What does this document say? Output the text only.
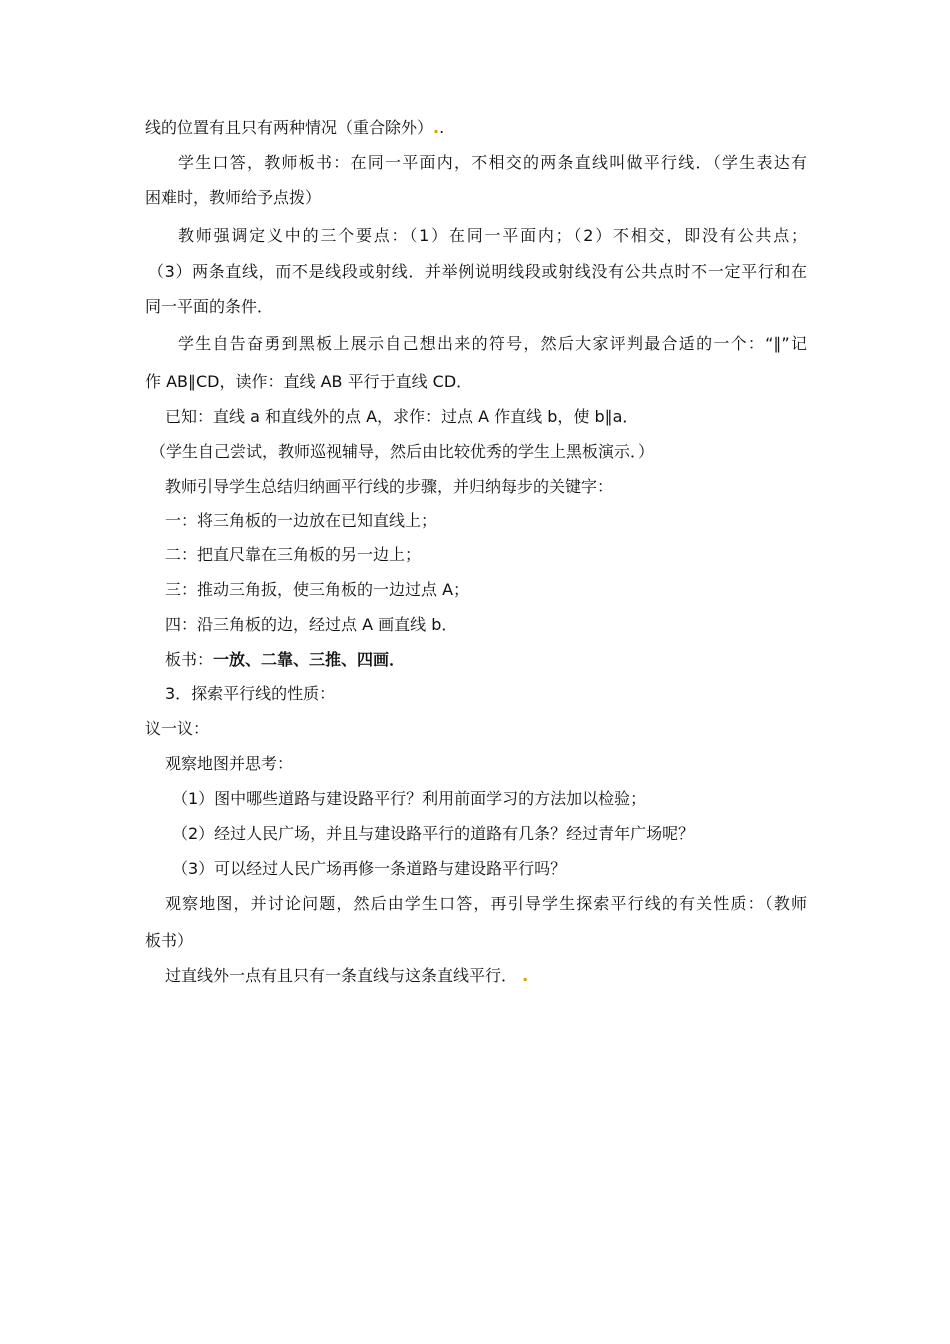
线的位置有且只有两种情况（重合除外）..
学生口答，教师板书：在同一平面内，不相交的两条直线叫做平行线．（学生表达有
困难时，教师给予点拨）
教师强调定义中的三个要点：（1）在同一平面内；（2）不相交，即没有公共点；
（3）两条直线，而不是线段或射线．并举例说明线段或射线没有公共点时不一定平行和在
同一平面的条件．
学生自告奋勇到黑板上展示自己想出来的符号，然后大家评判最合适的一个：“∥”记
作 AB∥CD，读作：直线 AB 平行于直线 CD．
已知：直线 a 和直线外的点 A，求作：过点 A 作直线 b，使 b∥a．
（学生自己尝试，教师巡视辅导，然后由比较优秀的学生上黑板演示．）
教师引导学生总结归纳画平行线的步骤，并归纳每步的关键字：
一：将三角板的一边放在已知直线上；
二：把直尺靠在三角板的另一边上；
三：推动三角扳，使三角板的一边过点 A；
四：沿三角板的边，经过点 A 画直线 b．
板书：一放、二靠、三推、四画．
3．探索平行线的性质：
议一议：
观察地图并思考：
（1）图中哪些道路与建设路平行？利用前面学习的方法加以检验；
（2）经过人民广场，并且与建设路平行的道路有几条？经过青年广场呢？
（3）可以经过人民广场再修一条道路与建设路平行吗？
观察地图，并讨论问题，然后由学生口答，再引导学生探索平行线的有关性质：（教师
板书）
过直线外一点有且只有一条直线与这条直线平行． .
